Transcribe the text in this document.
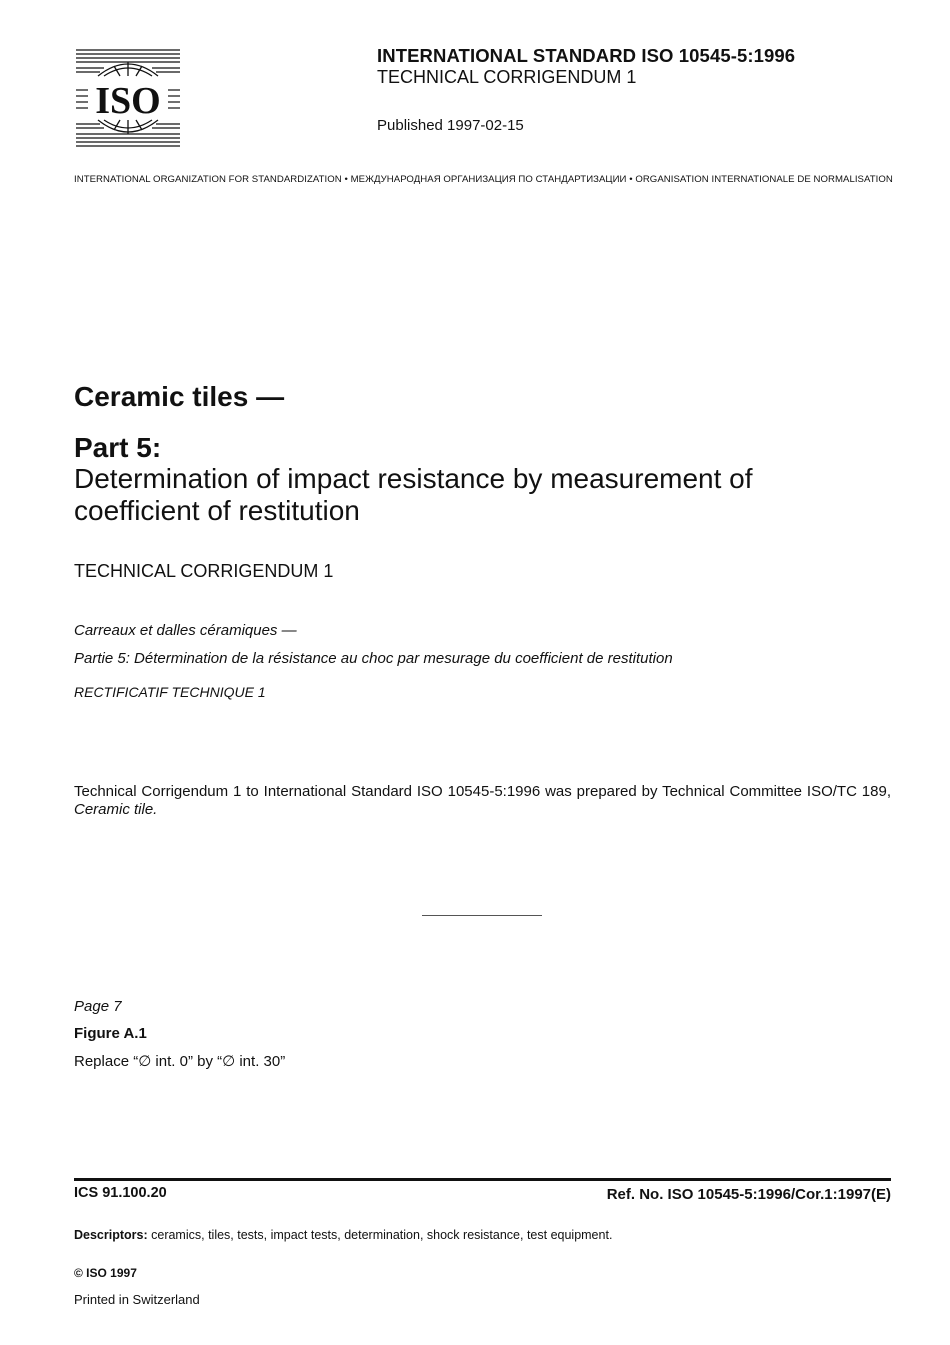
ISO
INTERNATIONAL STANDARD ISO 10545-5:1996
TECHNICAL CORRIGENDUM 1
Published 1997-02-15
INTERNATIONAL ORGANIZATION FOR STANDARDIZATION • МЕЖДУНАРОДНАЯ ОРГАНИЗАЦИЯ ПО СТАНДАРТИЗАЦИИ • ORGANISATION INTERNATIONALE DE NORMALISATION
Ceramic tiles —
Part 5:
Determination of impact resistance by measurement of coefficient of restitution
TECHNICAL CORRIGENDUM 1
Carreaux et dalles céramiques —
Partie 5: Détermination de la résistance au choc par mesurage du coefficient de restitution
RECTIFICATIF TECHNIQUE 1
Technical Corrigendum 1 to International Standard ISO 10545-5:1996 was prepared by Technical Committee ISO/TC 189, Ceramic tile.
Page 7
Figure A.1
Replace “∅ int. 0” by “∅ int. 30”
ICS 91.100.20	Ref. No. ISO 10545-5:1996/Cor.1:1997(E)
Descriptors: ceramics, tiles, tests, impact tests, determination, shock resistance, test equipment.
© ISO 1997
Printed in Switzerland
